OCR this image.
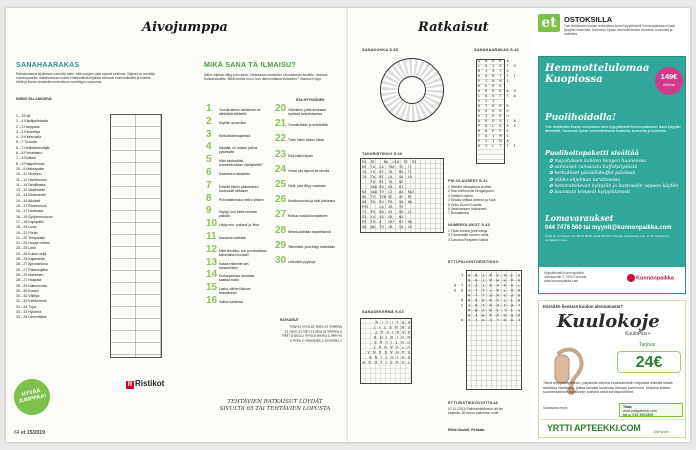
Aivojumppa
SANAHAARAKAS
Ratkaisusanat sijoitetaan ruutuihin siten, että sanojen osat sopivat toisiinsa. Viljaset on merkitty numeroparella: ratkaisusanan kolme ensimmäistä kirjainta toistuvat ensimmäisellä ja toisella rivillä ja kolme viimeistä numeroituun merkittyyn ruutuunsa.
KIMMO SILLANKORVA
1→3 Kuli
1→4 Käpälpuhdasta
2→3 Harppaus
3→4 Kimmellys
4→5 Kirkernalla
5→7 Tuomita
6→7 Helikäämentäjät
6→8 Puhuntamo
7→8 Noikele
8→9 Palapelinosa
10→9 Maksapalle
10→11 Veolinnu
11→12 Hamienuoru
11→14 Tahdilkasta
13→12 Vaaltimelle
13→14 Kirtamerkki
14→16 Alkukeli
15→17 Ravintoloon
16→17 Harttoska
16→19 Syöjänmuotoon
17→18 Kapupälki
18→19 Lossi
19→21 Pörän
21→22 Tempauslu
21→24 Huvaa vihkiss
23→25 Lahti
24→26 Kukon veljä
25→26 Kajahdella
26→27 Aprodaniosa
26→27 Palasmijalke
28→29 Makeinen
28→27 Haapala
28→29 Kalkennoisu
29→30 Kovelu
30→32 Välittys
31→32 Kiehkoninta
31→34 Tupa
33→32 Hyörimä
33→34 Lämmittävä
MIKÄ SANA TÄ ILMAISU?
Nähin viljetsin liittyy joku sana. Oteteaanpa esimerkki: Muodotonan avuliitto. Vastaus: Kullasessuliitto. Mikä merise nurin, kun harmoottaisat tiotauteen? Vastaus Kuppi.
ESA NYYSSÖNEN
1 Ymmärrämme toisiamme eri sähköisiä sähkeille.
2 Köyhän apuseikka
3 Kiintoäkörinhajaleksä
4 Näyttää, on rahaan joskus pysähtyäe.
5 Mikä käsiemitäsi, tuumaileluokaan mielipidettä?
6 Salaminen rakastettu
7 Edistää ihteen pääsämisen koukuudet sellaisen
8 Puhumattomuus melko ylitwen
9 Hyytyy, kun tullee toimeen pakolla
10 Liityty mm. 'pakona' ja 'tiina'
11 Kasvavat satiealla
12 Mikä ilmoittuu, kun punnistellaan kaimmäisen kovasti?
13 Kasaa eläimelle sen tumautmisen
14 Kurkarpaeksia avustaan, saattaa avata
15 Lasku, vähän liikkuva tarkoilliseksi
16 Valitse kantensa
20 Vääristeni, jotka annetaan hyvässä tarkoituksessa
21 Ymmärretään ja selvitetään
22 Tulee mihin tahtoo tullaa
23 Eikä kaikki täysin
24 Voivat olla täynnä tai sinnilla
25 Vielä, joka liittyy vasaraan
26 Monikkomuoto ja tunti kokkeana
27 Roikuu nustolla korjalainen
28 Nimeä pidetään tarpeellisenä
29 Tekemistä, joka liittyy tuoltekään
30 Lekkoisiin pyysinyt
RATKAISUT
1 Tietokone 2 Sähköinen 3 Kasa 4 Kuvake 5 Pankki 6 Kuva 7 Posti 8 Lippu 9 Kauppa 10 Kirje 11 Latu 12 Lisko 13 Maalaus 14 Saha 15 Kumi 16 Aika
TEHTÄVIEN RATKAISUT LÖYDÄT SIVULTA 65 TAI TEHTÄVIEN LOPUSTA
HYVÄÄ JUMPPAA!
R Ristikot
64 et 15/2019
Ratkaisut
SANAKUKKA S.38	SANAHAARAKAS S.46
S A R K A
L O I S T O
R I S T O
K O R T T I
P I N N I
K U R K
H E R K K U
L A U T T A
V I I
K I R R E
K U K K O
V I E K U
A R O S T A
P A L K S I
H A P P E
T A I M I
P I I N Ä
K Y L T T I
TAVURISTIKKO S.40
PA  RI    KA  LEN  TE  RI
KO  TA  LA  TAR  TE  TI
TA  TA  RI  TA   MA  TI
TA  TA  MI  LA   VA  LO
TA  MI  TA   NE
SAA RA  VA   KI
NI  SAA TO  LI   AA  KAI
NU  TU  TON SE   VE  RI
HA  PA  RU  PA   SA  NA
POS     LA  JA   TO
TI  PU  NA  SI   SA  LI
SI  LU  VA  SA   NU
PU  TO  A   VAT  MI  RA
SA  NA  TU  JA   TA  LO
PIILOLAUSEET S.41
1 Mielikin sillanpiirtyä suoltta
2 Sisu kivihomosi kenganpuen
3 Vieläkin hanen
4 Sinulla uhittaa lammut ja Kipa
5 Onko Suomi Suvella
6 Ihmimassam hiuksemm
7 Rusalamma
NUMEROLUKOT S.42
1 Tipac Amanç johti inkoja
2 Tuovantalle nuoren rivilla
3 Carolina Reaperin tulinta
SANASEKERMÄ S.63
T O A S I L E Ä R
E R I S T I N E
S A N A S A N A
U T V A N A T
O N T I L A S
N O I S I O N
A A A I K A T
E M N E T I T
E R L I L I N
E R N L E R I I N
A E O V A M I S
F I L I N V M A
L E I K K I S I I
K I T V A S A N A
O P S K E L L A
K U T A T L L I O S
T U N E E T T I L O
S A M M A T O N
S I K S A T N O L
ETTI.PALKINTORISTIKKO
ETTI.RISTIKKOVOITTAJA
07.11./2019 Palkintoristikossa viit liin kirjainta, 30 euron palkinnon voitti
Riitta Okuloff, Pirkkala.
et OSTOKSILLA
Tule viettämään ihanan rentouttava loma Kylpylähotelli Kunnonpaikkaan! Nauti kylpylän lämmöstä, Harmonia Spaan hemmottelevista hoidoista, kunnoista ja tuotteista.
Hemmottelulomaa Kuopiossa	149€
/hlö/vrk
Puolihoidolla!
Tule viettämään ihanan rentouttava loma Kylpylähotelli Kunnonpaikkaan! Nauti kylpylän lämmöstä, Harmonia Spaan hemmottelevista hoidoista, kunnoista ja tuotteista.
Puolihoitopaketti sisältää
✿ majoituksen kahden hengen huoneessa
✿ aamiaiset runsaasta buffetpöydästä
✿ herkulliset päivällisbuffet päivässä
✿ viikko-ohjelman tarvittaessa
✿ hemmottelevan kylpylän ja kuntosalin vapaan käytön
✿ lauantain lempeät kylpylätanssit
Lomavaraukset
044 7476 560 tai myynti@kunnonpaikka.com
Hinta on voimassa 1.5.-30.12.2019. Hinta hlö/vrk 2 hengen huoneessa, min. 2 vrk. Tarjous on voimassa ma-pe.
Kylpylähotelli Kunnonpaikka
Joensuuntie 2, 70910 Vuorela
www.kunnonpaikka.com	Kunnonpaikka
Kärsitkö lievästä kuulon alentumasta?
Kuulokoje
KuuloPlus+
Tarjous
24€
Tämä helppokäyttöinen, paristoilla toimiva kuulovahvistin helpottaa elämää missä arkisissa tilanteissa, joissa toivoisit kuulevasi hieman paremmin. Mukana selkeä, suomenkielinen käyttöohje, paristot sekä korvasovittimet.
Saatavana myös	Tilaa:
www.yrttiapteekki.com
tai p. 010 3961800
YRTTI APTEEKKI.COM	- Vali hyvin -
